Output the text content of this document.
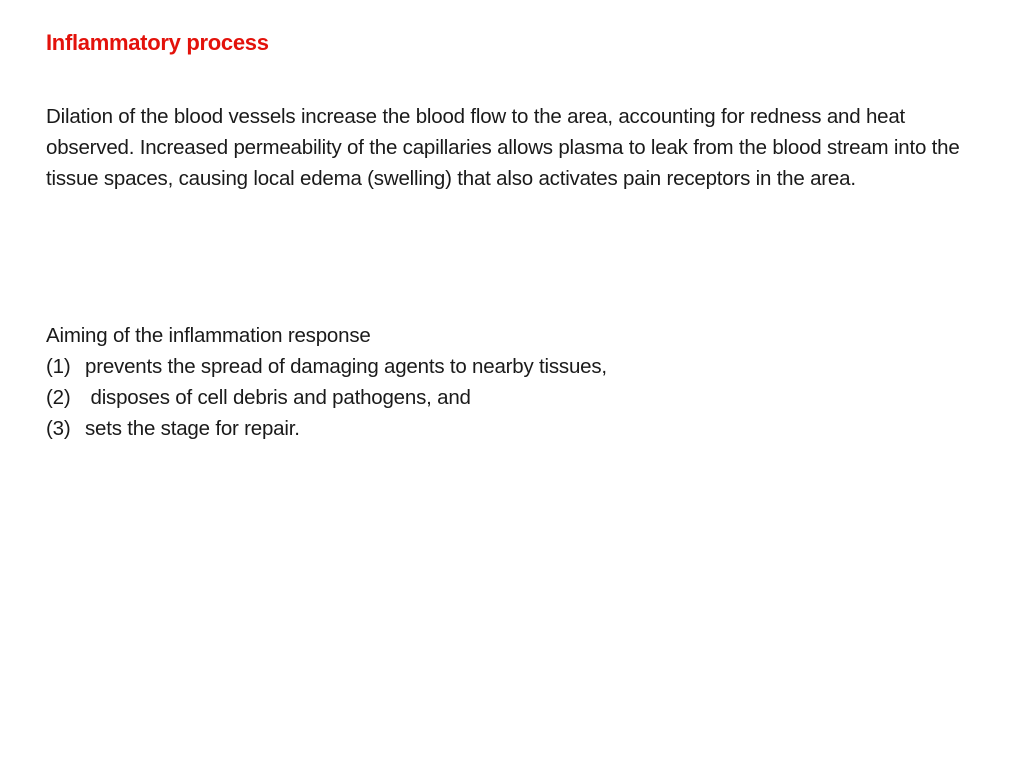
Inflammatory process

Dilation of the blood vessels increase the blood flow to the area, accounting for redness and heat observed. Increased permeability of the capillaries allows plasma to leak from the blood stream into the tissue spaces, causing local edema (swelling) that also activates pain receptors in the area.

Aiming of the inflammation response

(1) prevents the spread of damaging agents to nearby tissues,
(2) disposes of cell debris and pathogens, and
(3) sets the stage for repair.
